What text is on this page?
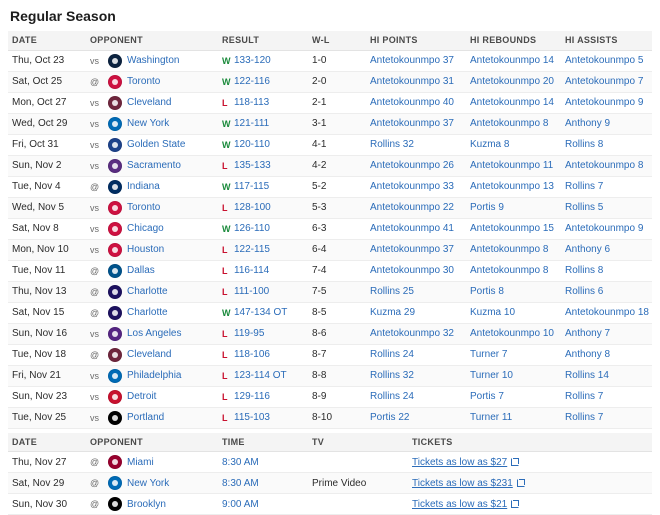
Regular Season
DATE	OPPONENT	RESULT	W-L	HI POINTS	HI REBOUNDS	HI ASSISTS
Thu, Oct 23	vs Washington	W 133-120	1-0	Antetokounmpo 37	Antetokounmpo 14	Antetokounmpo 5
Sat, Oct 25	@ Toronto	W 122-116	2-0	Antetokounmpo 31	Antetokounmpo 20	Antetokounmpo 7
Mon, Oct 27	vs Cleveland	L 118-113	2-1	Antetokounmpo 40	Antetokounmpo 14	Antetokounmpo 9
Wed, Oct 29	vs New York	W 121-111	3-1	Antetokounmpo 37	Antetokounmpo 8	Anthony 9
Fri, Oct 31	vs Golden State	W 120-110	4-1	Rollins 32	Kuzma 8	Rollins 8
Sun, Nov 2	vs Sacramento	L 135-133	4-2	Antetokounmpo 26	Antetokounmpo 11	Antetokounmpo 8
Tue, Nov 4	@ Indiana	W 117-115	5-2	Antetokounmpo 33	Antetokounmpo 13	Rollins 7
Wed, Nov 5	vs Toronto	L 128-100	5-3	Antetokounmpo 22	Portis 9	Rollins 5
Sat, Nov 8	vs Chicago	W 126-110	6-3	Antetokounmpo 41	Antetokounmpo 15	Antetokounmpo 9
Mon, Nov 10	vs Houston	L 122-115	6-4	Antetokounmpo 37	Antetokounmpo 8	Anthony 6
Tue, Nov 11	@ Dallas	L 116-114	7-4	Antetokounmpo 30	Antetokounmpo 8	Rollins 8
Thu, Nov 13	@ Charlotte	L 111-100	7-5	Rollins 25	Portis 8	Rollins 6
Sat, Nov 15	@ Charlotte	W 147-134 OT	8-5	Kuzma 29	Kuzma 10	Antetokounmpo 18
Sun, Nov 16	vs Los Angeles	L 119-95	8-6	Antetokounmpo 32	Antetokounmpo 10	Anthony 7
Tue, Nov 18	@ Cleveland	L 118-106	8-7	Rollins 24	Turner 7	Anthony 8
Fri, Nov 21	vs Philadelphia	L 123-114 OT	8-8	Rollins 32	Turner 10	Rollins 14
Sun, Nov 23	vs Detroit	L 129-116	8-9	Rollins 24	Portis 7	Rollins 7
Tue, Nov 25	vs Portland	L 115-103	8-10	Portis 22	Turner 11	Rollins 7
DATE	OPPONENT	TIME	TV	TICKETS
Thu, Nov 27	@ Miami	8:30 AM		Tickets as low as $27

Sat, Nov 29	@ New York	8:30 AM	Prime Video	Tickets as low as $231

Sun, Nov 30	@ Brooklyn	9:00 AM		Tickets as low as $21
